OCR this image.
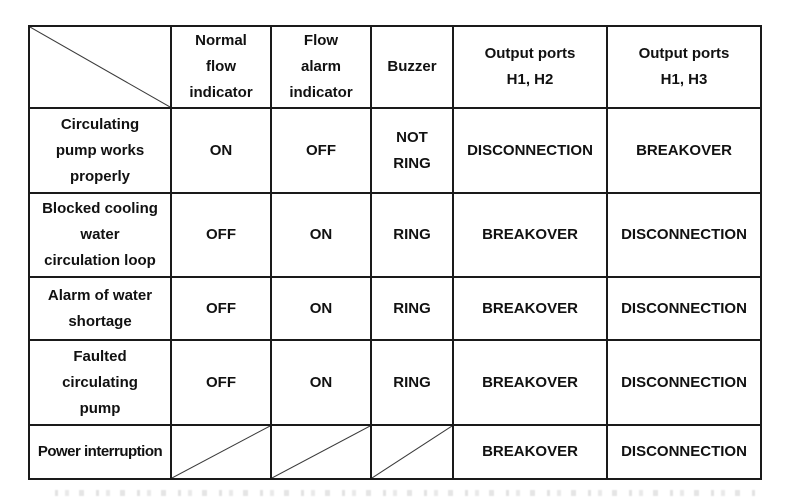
	Normal
flow
indicator	Flow
alarm
indicator	Buzzer	Output ports
H1, H2	Output ports
H1, H3
Circulating
pump works
properly	ON	OFF	NOT
RING	DISCONNECTION	BREAKOVER
Blocked cooling
water
circulation loop	OFF	ON	RING	BREAKOVER	DISCONNECTION
Alarm of water
shortage	OFF	ON	RING	BREAKOVER	DISCONNECTION
Faulted
circulating
pump	OFF	ON	RING	BREAKOVER	DISCONNECTION
Power interruption				BREAKOVER	DISCONNECTION
